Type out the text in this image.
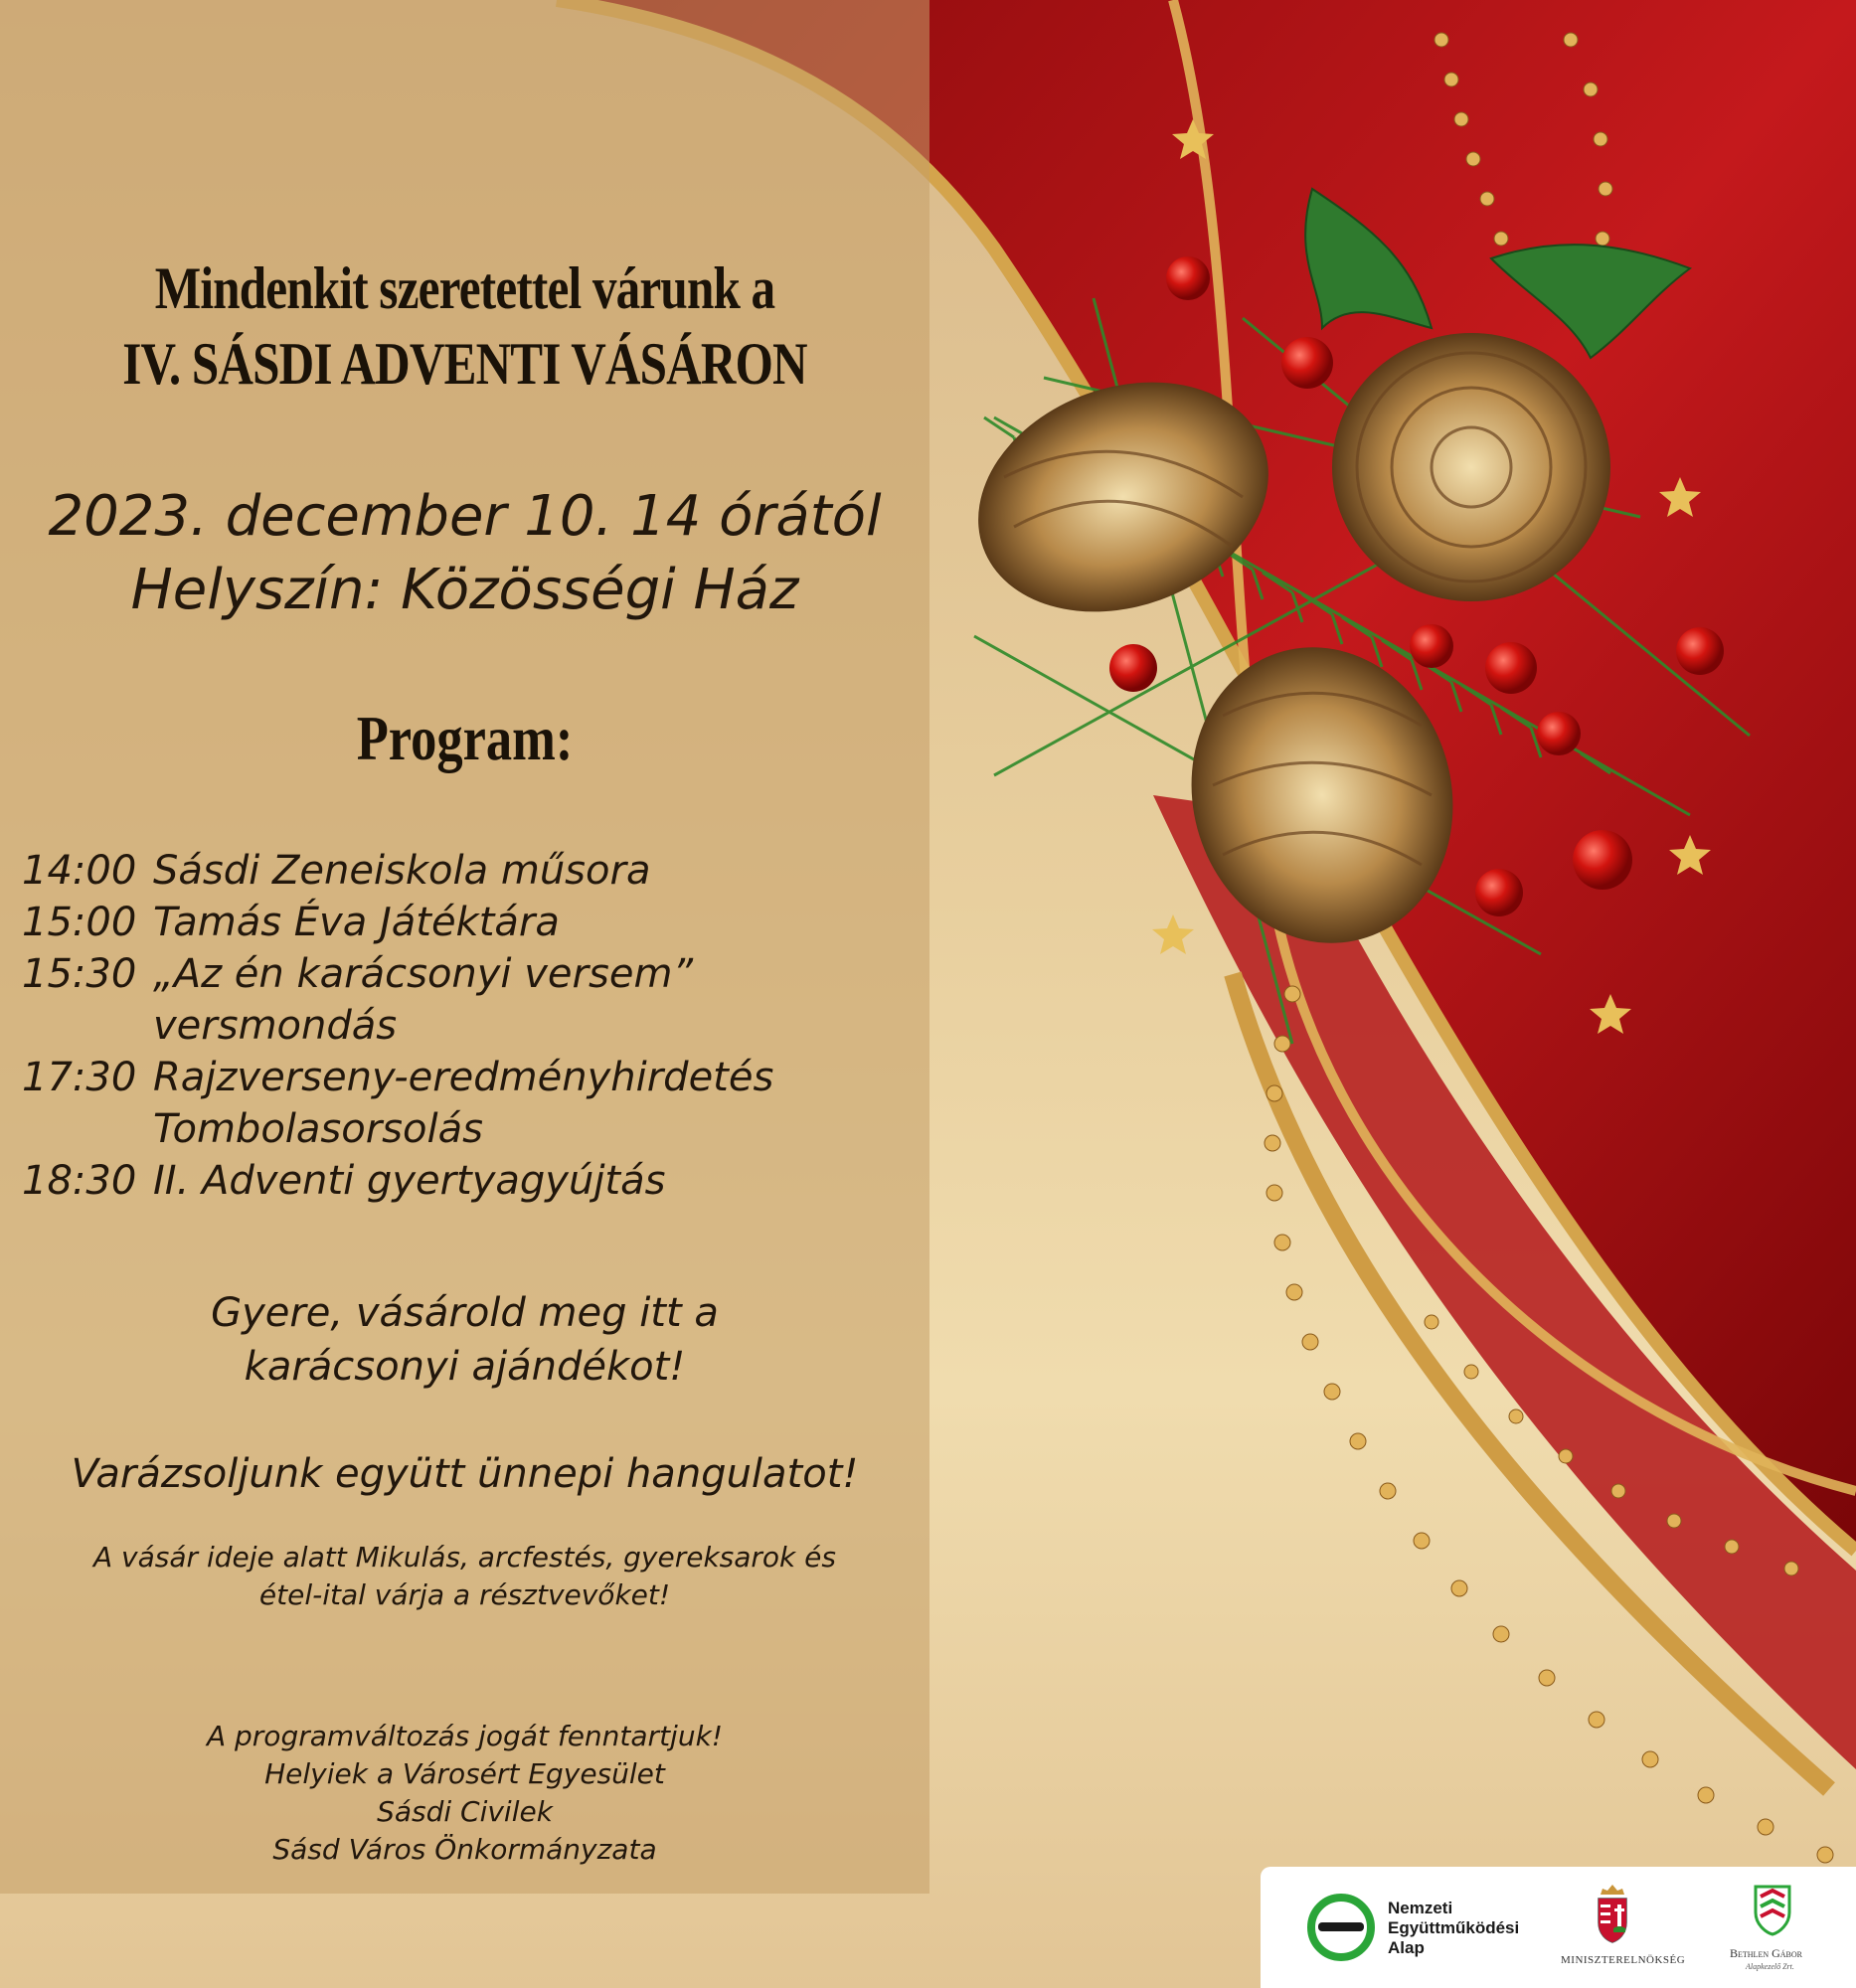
Mindenkit szeretettel várunk a
IV. SÁSDI ADVENTI VÁSÁRON
2023. december 10. 14 órától
Helyszín: Közösségi Ház
Program:
14:00 Sásdi Zeneiskola műsora
15:00 Tamás Éva Játéktára
15:30 „Az én karácsonyi versem”
versmondás
17:30 Rajzverseny-eredményhirdetés
Tombolasorsolás
18:30 II. Adventi gyertyagyújtás
Gyere, vásárold meg itt a
karácsonyi ajándékot!
Varázsoljunk együtt ünnepi hangulatot!
A vásár ideje alatt Mikulás, arcfestés, gyereksarok és
étel-ital várja a résztvevőket!
A programváltozás jogát fenntartjuk!
Helyiek a Városért Egyesület
Sásdi Civilek
Sásd Város Önkormányzata
Nemzeti
Együttműködési
Alap
MINISZTERELNÖKSÉG	Bethlen Gábor
Alapkezelő Zrt.
